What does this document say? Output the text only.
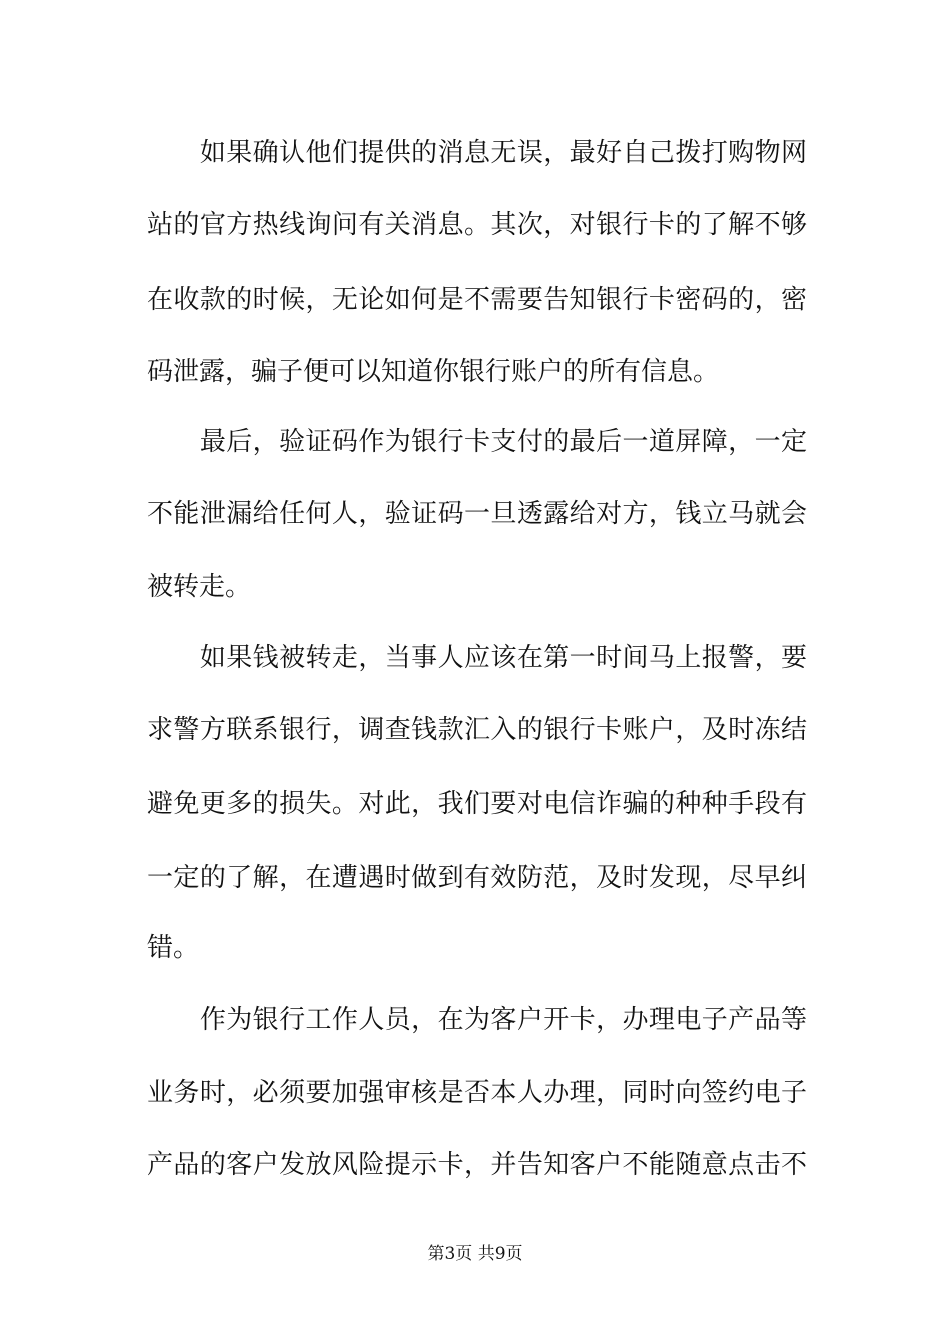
　　如果确认他们提供的消息无误，最好自己拨打购物网
站的官方热线询问有关消息。其次，对银行卡的了解不够
在收款的时候，无论如何是不需要告知银行卡密码的，密
码泄露，骗子便可以知道你银行账户的所有信息。
　　最后，验证码作为银行卡支付的最后一道屏障，一定
不能泄漏给任何人，验证码一旦透露给对方，钱立马就会
被转走。
　　如果钱被转走，当事人应该在第一时间马上报警，要
求警方联系银行，调查钱款汇入的银行卡账户，及时冻结
避免更多的损失。对此，我们要对电信诈骗的种种手段有
一定的了解，在遭遇时做到有效防范，及时发现，尽早纠
错。
　　作为银行工作人员，在为客户开卡，办理电子产品等
业务时，必须要加强审核是否本人办理，同时向签约电子
产品的客户发放风险提示卡，并告知客户不能随意点击不
第3页 共9页
